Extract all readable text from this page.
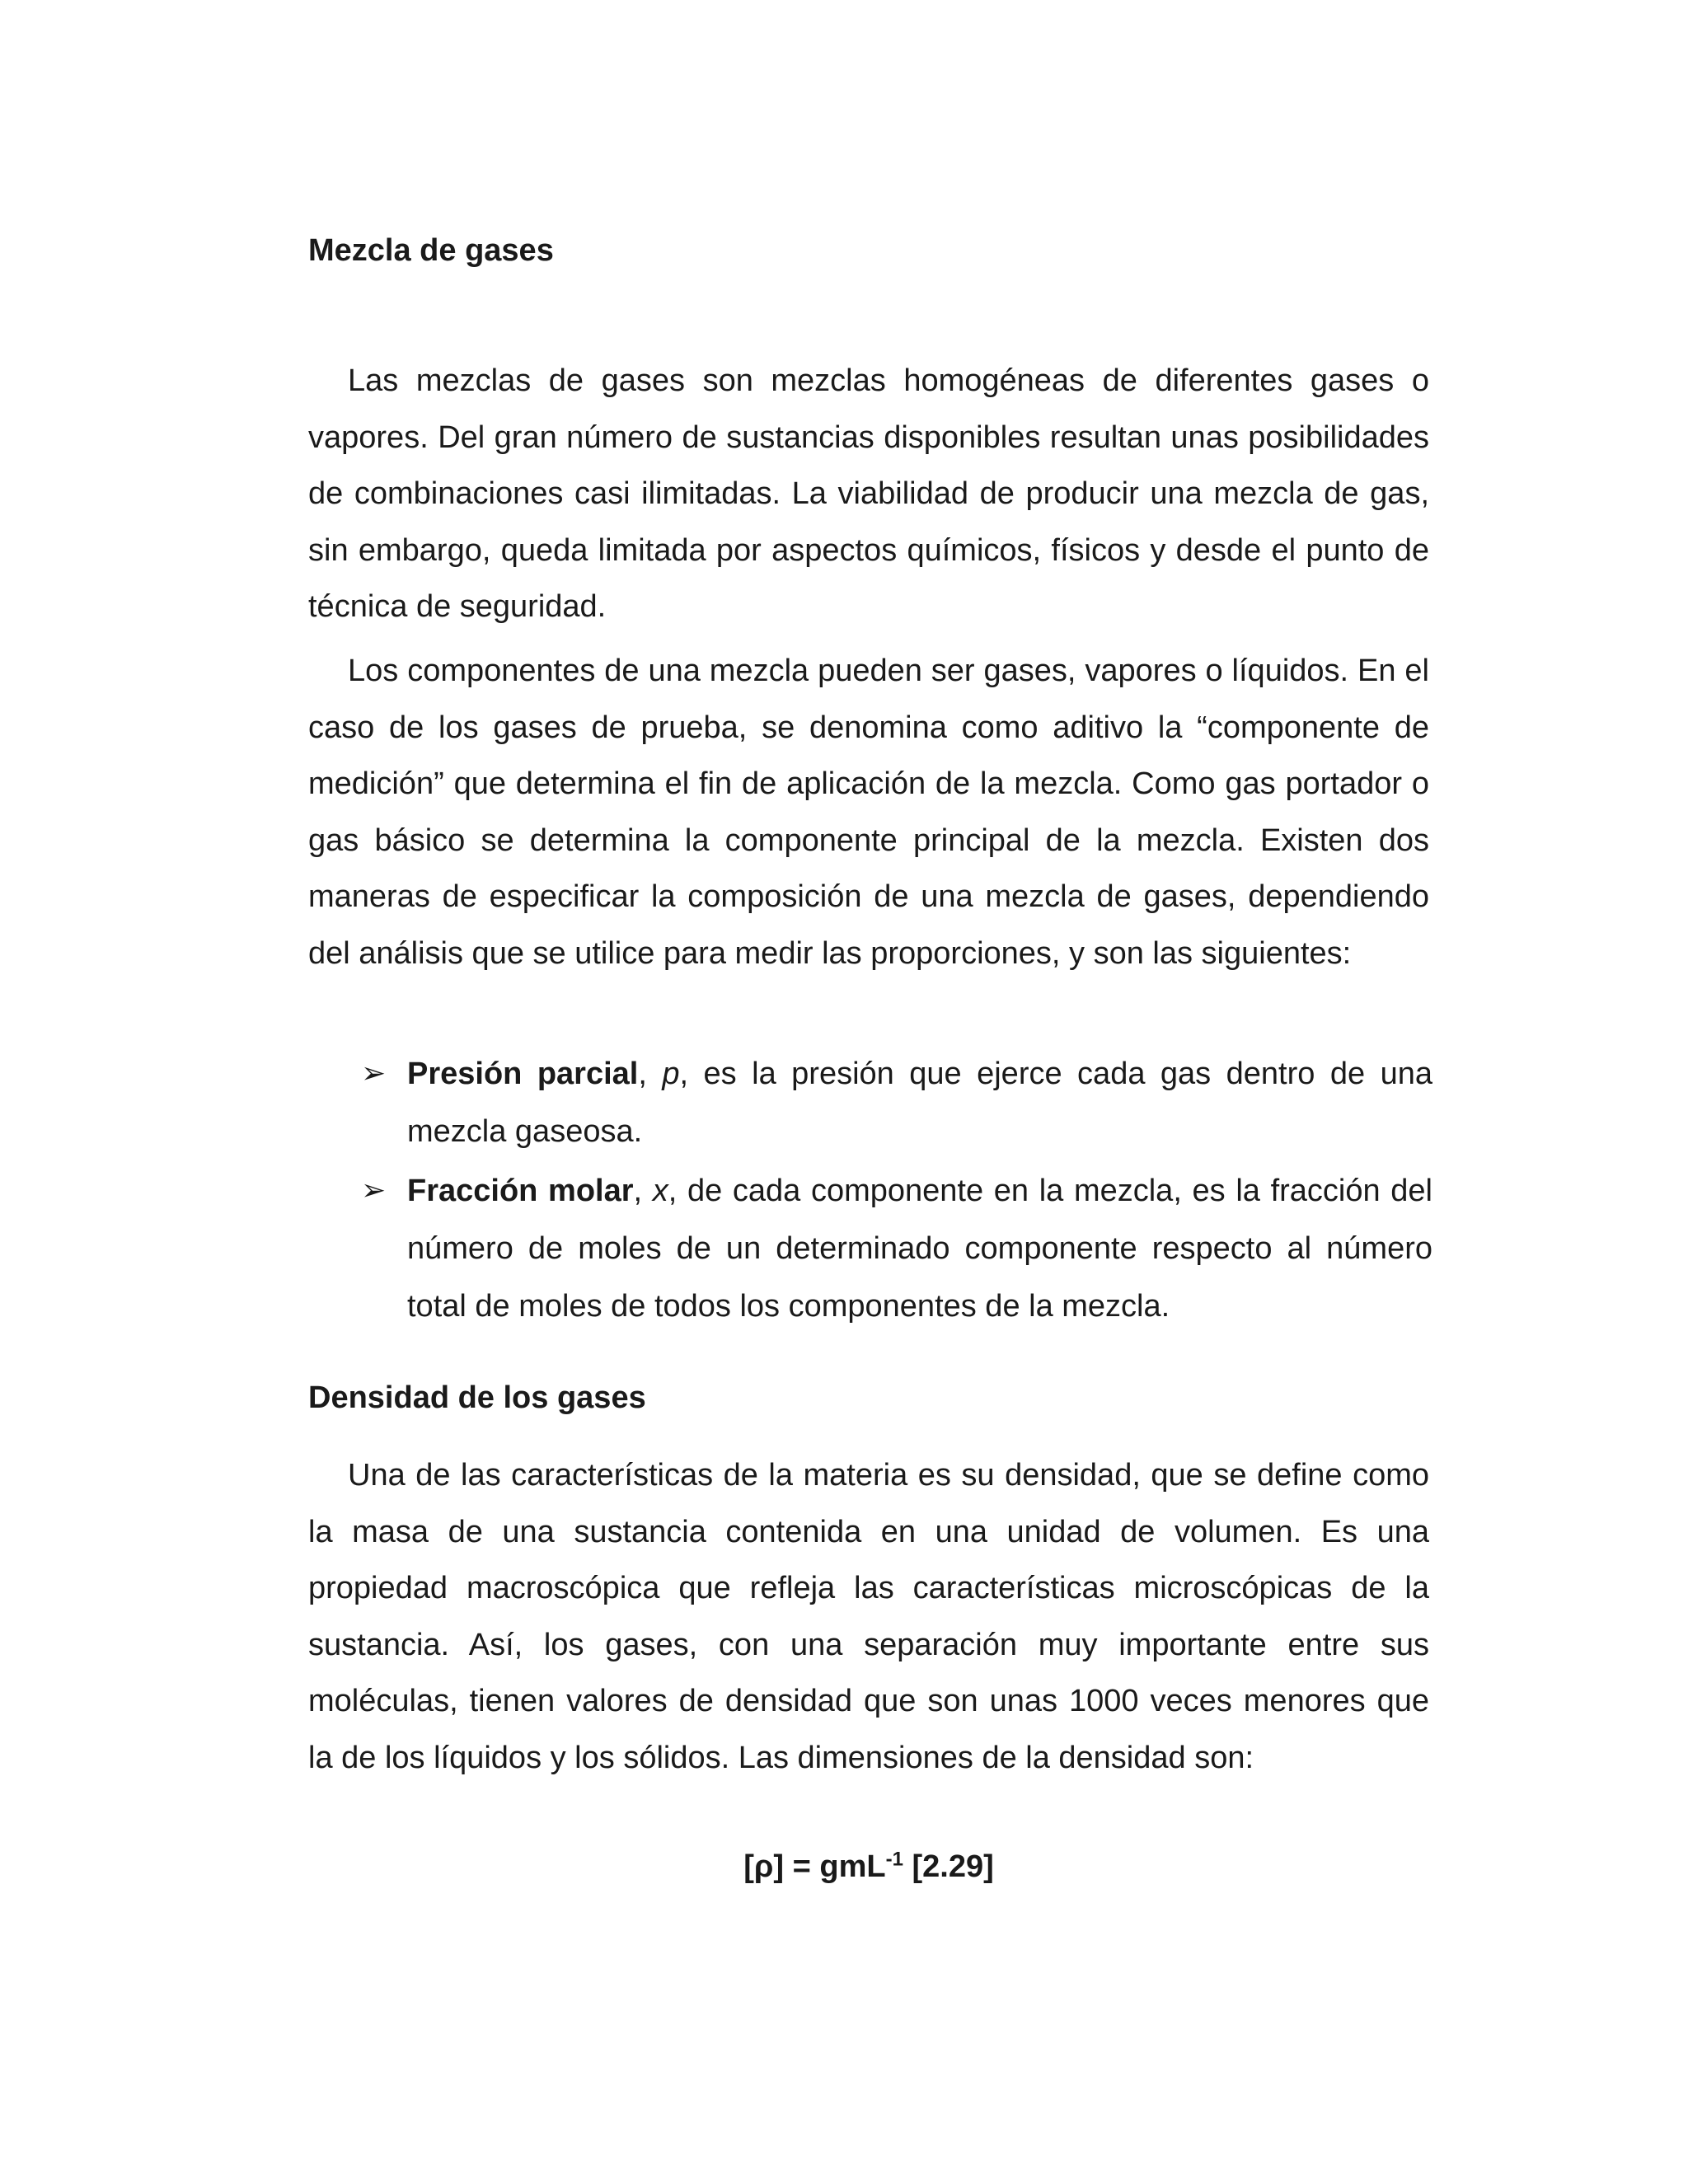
Mezcla de gases

Las mezclas de gases son mezclas homogéneas de diferentes gases o vapores. Del gran número de sustancias disponibles resultan unas posibilidades de combinaciones casi ilimitadas. La viabilidad de producir una mezcla de gas, sin embargo, queda limitada por aspectos químicos, físicos y desde el punto de técnica de seguridad.

Los componentes de una mezcla pueden ser gases, vapores o líquidos. En el caso de los gases de prueba, se denomina como aditivo la “componente de medición” que determina el fin de aplicación de la mezcla. Como gas portador o gas básico se determina la componente principal de la mezcla. Existen dos maneras de especificar la composición de una mezcla de gases, dependiendo del análisis que se utilice para medir las proporciones, y son las siguientes:

➢ Presión parcial, p, es la presión que ejerce cada gas dentro de una mezcla gaseosa.
➢ Fracción molar, x, de cada componente en la mezcla, es la fracción del número de moles de un determinado componente respecto al número total de moles de todos los componentes de la mezcla.
Densidad de los gases

Una de las características de la materia es su densidad, que se define como la masa de una sustancia contenida en una unidad de volumen. Es una propiedad macroscópica que refleja las características microscópicas de la sustancia. Así, los gases, con una separación muy importante entre sus moléculas, tienen valores de densidad que son unas 1000 veces menores que la de los líquidos y los sólidos. Las dimensiones de la densidad son:

[ρ] = gmL$^{-1}$ [2.29]
